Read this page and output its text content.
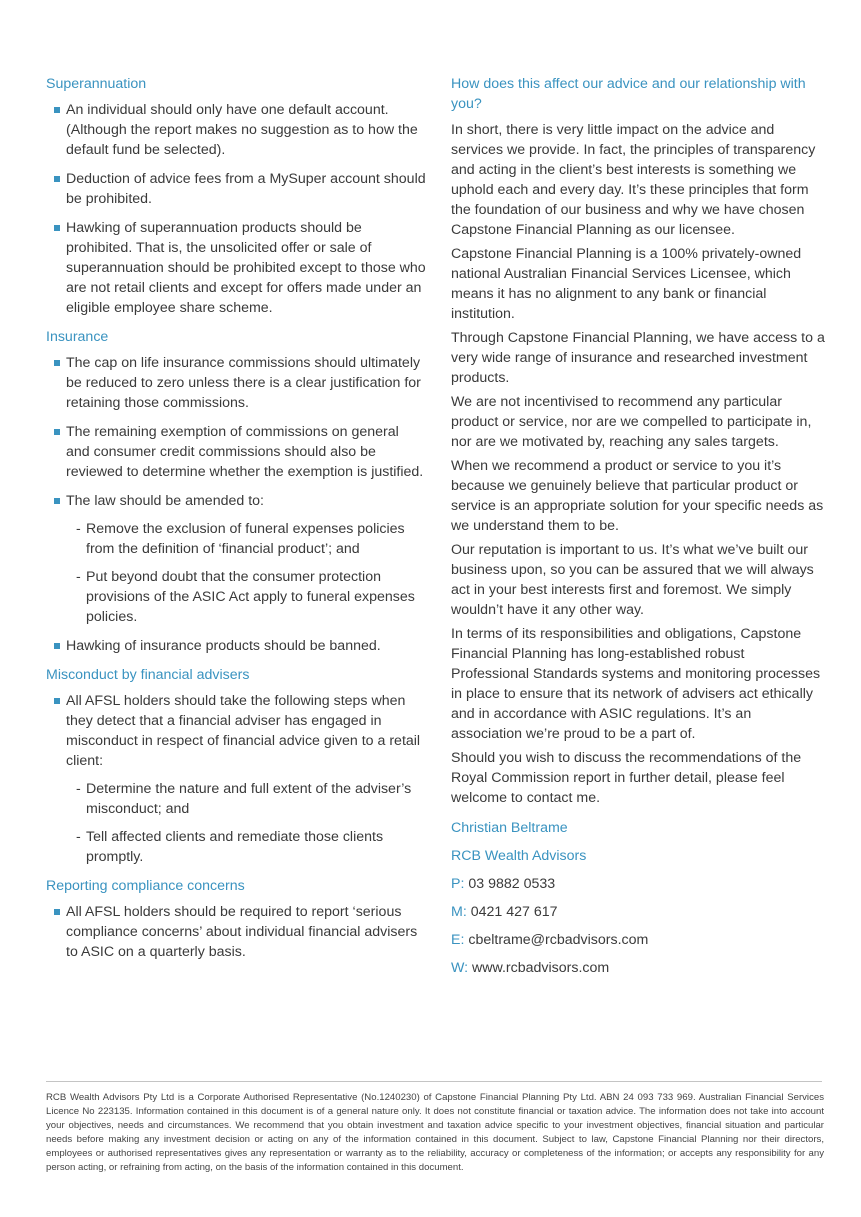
Superannuation
An individual should only have one default account. (Although the report makes no suggestion as to how the default fund be selected).
Deduction of advice fees from a MySuper account should be prohibited.
Hawking of superannuation products should be prohibited. That is, the unsolicited offer or sale of superannuation should be prohibited except to those who are not retail clients and except for offers made under an eligible employee share scheme.
Insurance
The cap on life insurance commissions should ultimately be reduced to zero unless there is a clear justification for retaining those commissions.
The remaining exemption of commissions on general and consumer credit commissions should also be reviewed to determine whether the exemption is justified.
The law should be amended to:
- Remove the exclusion of funeral expenses policies from the definition of ‘financial product’; and
- Put beyond doubt that the consumer protection provisions of the ASIC Act apply to funeral expenses policies.
Hawking of insurance products should be banned.
Misconduct by financial advisers
All AFSL holders should take the following steps when they detect that a financial adviser has engaged in misconduct in respect of financial advice given to a retail client:
- Determine the nature and full extent of the adviser’s misconduct; and
- Tell affected clients and remediate those clients promptly.
Reporting compliance concerns
All AFSL holders should be required to report ‘serious compliance concerns’ about individual financial advisers to ASIC on a quarterly basis.
How does this affect our advice and our relationship with you?

In short, there is very little impact on the advice and services we provide. In fact, the principles of transparency and acting in the client’s best interests is something we uphold each and every day. It’s these principles that form the foundation of our business and why we have chosen Capstone Financial Planning as our licensee.

Capstone Financial Planning is a 100% privately-owned national Australian Financial Services Licensee, which means it has no alignment to any bank or financial institution.

Through Capstone Financial Planning, we have access to a very wide range of insurance and researched investment products.

We are not incentivised to recommend any particular product or service, nor are we compelled to participate in, nor are we motivated by, reaching any sales targets.

When we recommend a product or service to you it’s because we genuinely believe that particular product or service is an appropriate solution for your specific needs as we understand them to be.

Our reputation is important to us. It’s what we’ve built our business upon, so you can be assured that we will always act in your best interests first and foremost. We simply wouldn’t have it any other way.

In terms of its responsibilities and obligations, Capstone Financial Planning has long-established robust Professional Standards systems and monitoring processes in place to ensure that its network of advisers act ethically and in accordance with ASIC regulations. It’s an association we’re proud to be a part of.

Should you wish to discuss the recommendations of the Royal Commission report in further detail, please feel welcome to contact me.

Christian Beltrame
RCB Wealth Advisors
P: 03 9882 0533
M: 0421 427 617
E: cbeltrame@rcbadvisors.com
W: www.rcbadvisors.com
RCB Wealth Advisors Pty Ltd is a Corporate Authorised Representative (No.1240230) of Capstone Financial Planning Pty Ltd. ABN 24 093 733 969. Australian Financial Services Licence No 223135. Information contained in this document is of a general nature only. It does not constitute financial or taxation advice. The information does not take into account your objectives, needs and circumstances. We recommend that you obtain investment and taxation advice specific to your investment objectives, financial situation and particular needs before making any investment decision or acting on any of the information contained in this document. Subject to law, Capstone Financial Planning nor their directors, employees or authorised representatives gives any representation or warranty as to the reliability, accuracy or completeness of the information; or accepts any responsibility for any person acting, or refraining from acting, on the basis of the information contained in this document.
